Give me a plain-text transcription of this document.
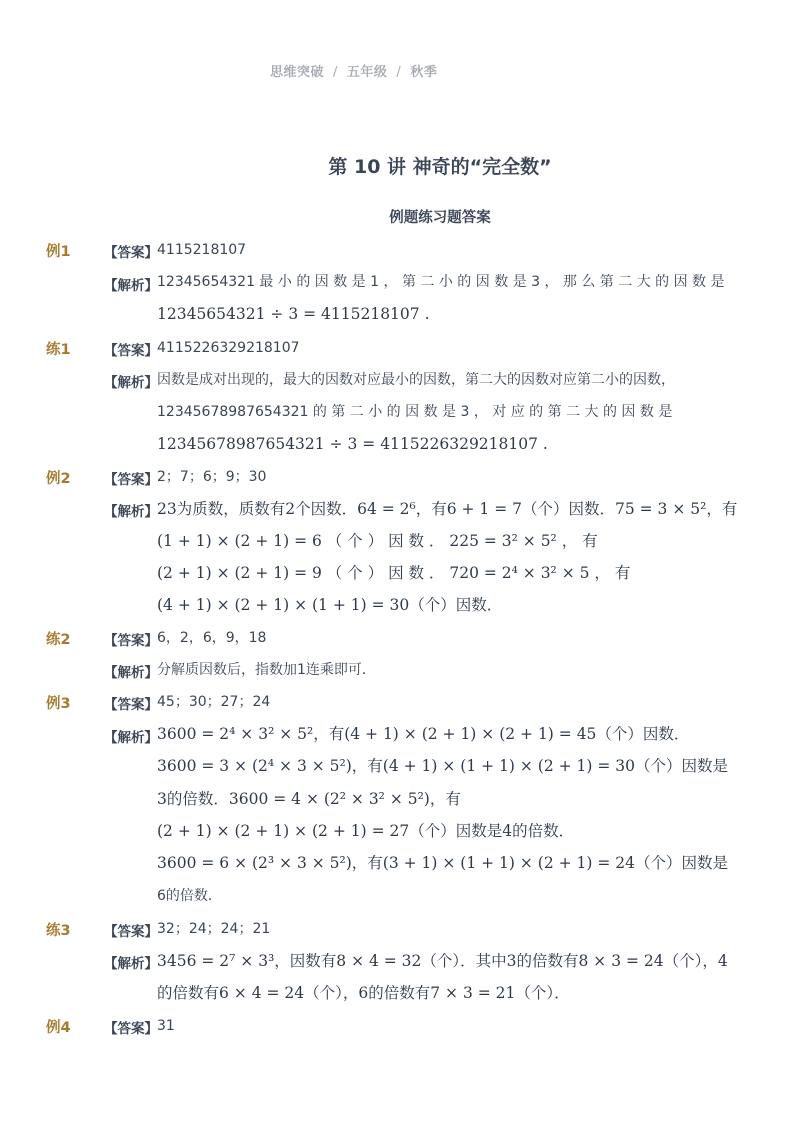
思维突破 / 五年级 / 秋季
第 10 讲 神奇的“完全数”
例题练习题答案
例1 【答案】 4115218107
【解析】 12345654321 最 小 的 因 数 是 1 ， 第 二 小 的 因 数 是 3 ， 那 么 第 二 大 的 因 数 是
12345654321 ÷ 3 = 4115218107 .
练1 【答案】 4115226329218107
【解析】 因数是成对出现的，最大的因数对应最小的因数，第二大的因数对应第二小的因数，
12345678987654321 的 第 二 小 的 因 数 是 3 ， 对 应 的 第 二 大 的 因 数 是
12345678987654321 ÷ 3 = 4115226329218107 .
例2 【答案】 2；7；6；9；30
【解析】 23为质数，质数有2个因数．64 = 2⁶，有6 + 1 = 7（个）因数．75 = 3 × 5²，有
(1 + 1) × (2 + 1) = 6 （ 个 ） 因 数 ． 225 = 3² × 5² ， 有
(2 + 1) × (2 + 1) = 9 （ 个 ） 因 数 ． 720 = 2⁴ × 3² × 5 ， 有
(4 + 1) × (2 + 1) × (1 + 1) = 30（个）因数．
练2 【答案】 6，2，6，9，18
【解析】 分解质因数后，指数加1连乘即可．
例3 【答案】 45；30；27；24
【解析】 3600 = 2⁴ × 3² × 5²，有(4 + 1) × (2 + 1) × (2 + 1) = 45（个）因数．
3600 = 3 × (2⁴ × 3 × 5²)，有(4 + 1) × (1 + 1) × (2 + 1) = 30（个）因数是
3的倍数．3600 = 4 × (2² × 3² × 5²)，有
(2 + 1) × (2 + 1) × (2 + 1) = 27（个）因数是4的倍数．
3600 = 6 × (2³ × 3 × 5²)，有(3 + 1) × (1 + 1) × (2 + 1) = 24（个）因数是
6的倍数．
练3 【答案】 32；24；24；21
【解析】 3456 = 2⁷ × 3³，因数有8 × 4 = 32（个）．其中3的倍数有8 × 3 = 24（个），4
的倍数有6 × 4 = 24（个），6的倍数有7 × 3 = 21（个）．
例4 【答案】 31
